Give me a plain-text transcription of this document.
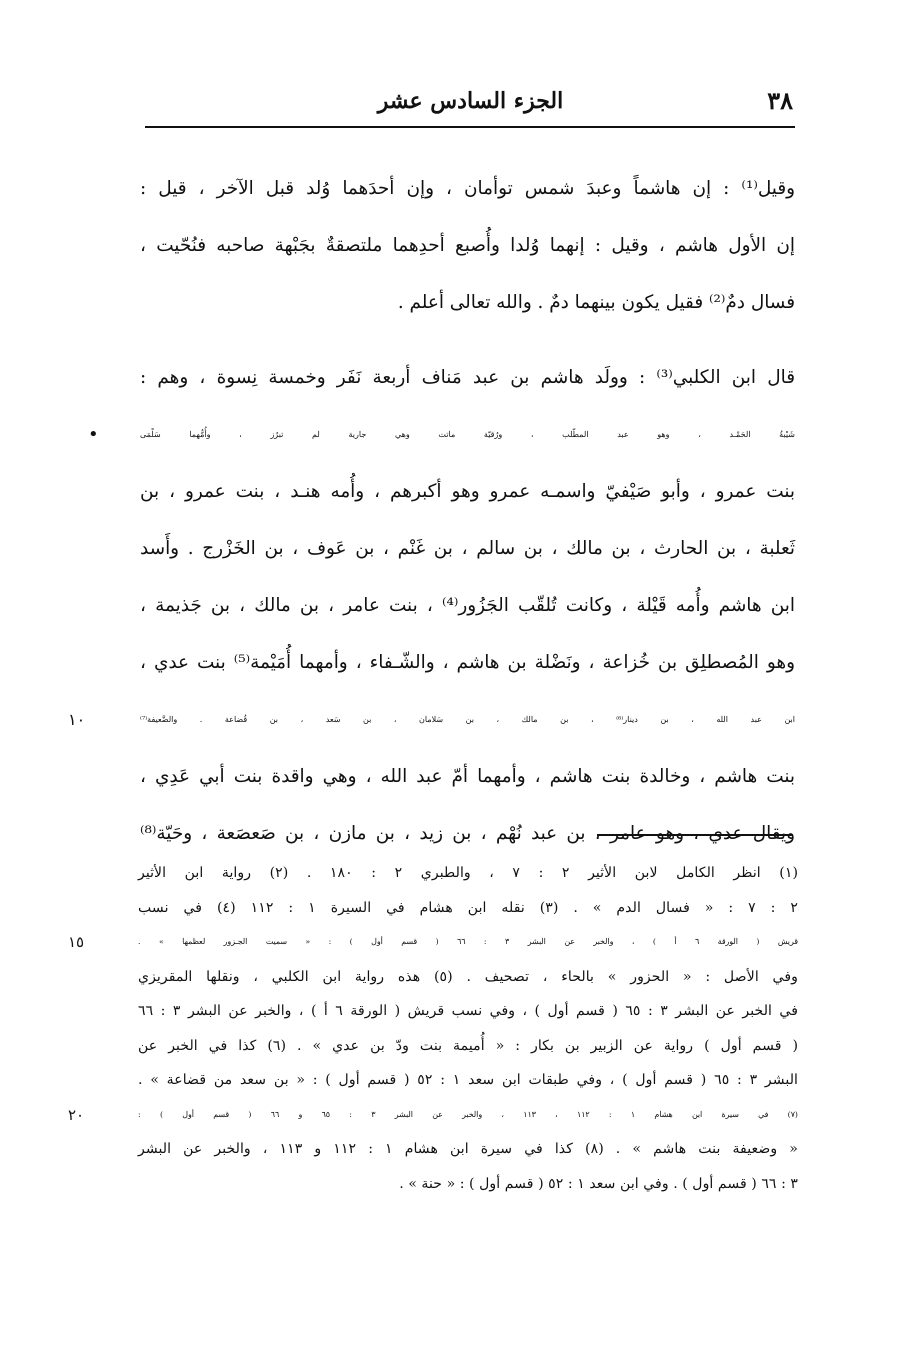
٣٨
الجزء السادس عشر
وقيل⁽¹⁾ : إن هاشماً وعبدَ شمس توأمان ، وإن أحدَهما وُلد قبل الآخر ، قيل :
إن الأول هاشم ، وقيل : إنهما وُلدا وأُصبع أحدِهما ملتصقةٌ بجَبْهة صاحبه فنُحّيت ،
فسال دمٌ⁽²⁾ فقيل يكون بينهما دمٌ . والله تعالى أعلم .
قال ابن الكلبي⁽³⁾ : وولَد هاشم بن عبد مَناف أربعة نَفَر وخمسة نِسوة ، وهم :
شَيْبةُ الحَمْـد ، وهو عبد المطّلب ، ورُقيّة ماتت وهي جارية لم تبرُز ، وأُمُّهما سَلْمَى
•
بنت عمرو ، وأبو صَيْفيّ واسمـه عمرو وهو أكبرهم ، وأُمه هنـد ، بنت عمرو ، بن
ثَعلبة ، بن الحارث ، بن مالك ، بن سالم ، بن غَنْم ، بن عَوف ، بن الخَزْرج . وأَسد
ابن هاشم وأُمه قَيْلة ، وكانت تُلقّب الجَزُور⁽⁴⁾ ، بنت عامر ، بن مالك ، بن جَذيمة ،
وهو المُصطلِق بن خُزاعة ، ونَضْلة بن هاشم ، والشّـفاء ، وأمهما أُمَيْمة⁽⁵⁾ بنت عدي ،
ابن عبد الله ، بن دينار⁽⁶⁾ ، بن مالك ، بن سَلامان ، بن سَعد ، بن قُضاعة . والضَّعيفة⁽⁷⁾
١٠
بنت هاشم ، وخالدة بنت هاشم ، وأمهما أمّ عبد الله ، وهي واقدة بنت أبي عَدِي ،
ويقال عدي ، وهو عامر ، بن عبد نُهْم ، بن زيد ، بن مازن ، بن صَعصَعة ، وحَيّة⁽⁸⁾
(١) انظر الكامل لابن الأثير ٢ : ٧ ، والطبري ٢ : ١٨٠ . (٢) رواية ابن الأثير
٢ : ٧ : « فسال الدم » . (٣) نقله ابن هشام في السيرة ١ : ١١٢ (٤) في نسب
قريش ( الورقة ٦ أ ) ، والخبر عن البشر ٣ : ٦٦ ( قسم أول ) : « سميت الجـزور لعظمها » .
١٥
وفي الأصل : « الحزور » بالحاء ، تصحيف . (٥) هذه رواية ابن الكلبي ، ونقلها المقريزي
في الخبر عن البشر ٣ : ٦٥ ( قسم أول ) ، وفي نسب قريش ( الورقة ٦ أ ) ، والخبر عن البشر ٣ : ٦٦
( قسم أول ) رواية عن الزبير بن بكار : « أُميمة بنت ودّ بن عدي » . (٦) كذا في الخبر عن
البشر ٣ : ٦٥ ( قسم أول ) ، وفي طبقات ابن سعد ١ : ٥٢ ( قسم أول ) : « بن سعد من قضاعة » .
(٧) في سيرة ابن هشام ١ : ١١٢ ، ١١٣ ، والخبر عن البشر ٣ : ٦٥ و ٦٦ ( قسم أول ) :
٢٠
« وضعيفة بنت هاشم » . (٨) كذا في سيرة ابن هشام ١ : ١١٢ و ١١٣ ، والخبر عن البشر
٣ : ٦٦ ( قسم أول ) . وفي ابن سعد ١ : ٥٢ ( قسم أول ) : « حنة » .
